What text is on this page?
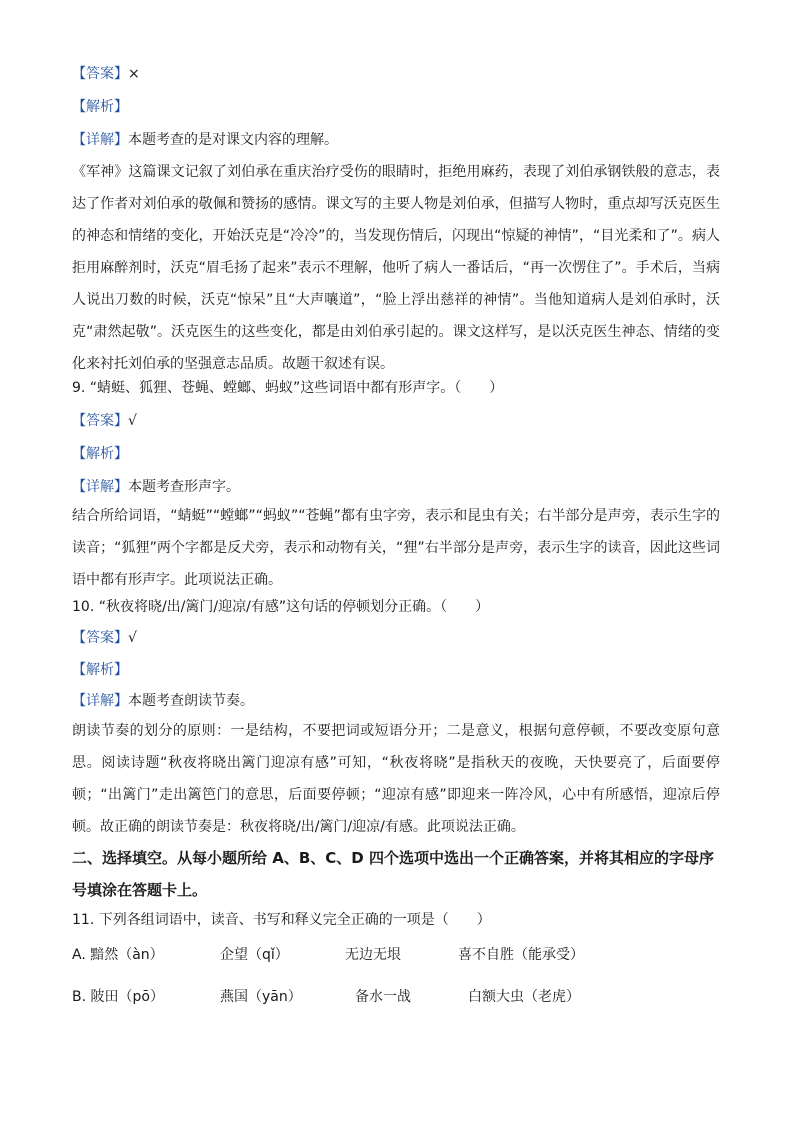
【答案】×
【解析】
【详解】本题考查的是对课文内容的理解。
《军神》这篇课文记叙了刘伯承在重庆治疗受伤的眼睛时，拒绝用麻药，表现了刘伯承钢铁般的意志，表达了作者对刘伯承的敬佩和赞扬的感情。课文写的主要人物是刘伯承，但描写人物时，重点却写沃克医生的神态和情绪的变化，开始沃克是“冷冷”的，当发现伤情后，闪现出“惊疑的神情”，“目光柔和了”。病人拒用麻醉剂时，沃克“眉毛扬了起来”表示不理解，他听了病人一番话后，“再一次愣住了”。手术后，当病人说出刀数的时候，沃克“惊呆”且“大声嚷道”，“脸上浮出慈祥的神情”。当他知道病人是刘伯承时，沃克“肃然起敬”。沃克医生的这些变化，都是由刘伯承引起的。课文这样写，是以沃克医生神态、情绪的变化来衬托刘伯承的坚强意志品质。故题干叙述有误。
9. “蜻蜓、狐狸、苍蝇、螳螂、蚂蚁”这些词语中都有形声字。（　　）
【答案】√
【解析】
【详解】本题考查形声字。
结合所给词语，“蜻蜓”“螳螂”“蚂蚁”“苍蝇”都有虫字旁，表示和昆虫有关；右半部分是声旁，表示生字的读音；“狐狸”两个字都是反犬旁，表示和动物有关，“狸”右半部分是声旁，表示生字的读音，因此这些词语中都有形声字。此项说法正确。
10. “秋夜将晓/出/篱门/迎凉/有感”这句话的停顿划分正确。（　　）
【答案】√
【解析】
【详解】本题考查朗读节奏。
朗读节奏的划分的原则：一是结构，不要把词或短语分开；二是意义，根据句意停顿，不要改变原句意思。阅读诗题“秋夜将晓出篱门迎凉有感”可知，“秋夜将晓”是指秋天的夜晚，天快要亮了，后面要停顿；“出篱门”走出篱笆门的意思，后面要停顿；“迎凉有感”即迎来一阵冷风，心中有所感悟，迎凉后停顿。故正确的朗读节奏是：秋夜将晓/出/篱门/迎凉/有感。此项说法正确。
二、选择填空。从每小题所给 A、B、C、D 四个选项中选出一个正确答案，并将其相应的字母序号填涂在答题卡上。
11. 下列各组词语中，读音、书写和释义完全正确的一项是（　　）
A. 黯然（àn）	企望（qǐ）	无边无垠	喜不自胜（能承受）
B. 陂田（pō）	燕国（yān）	备水一战	白额大虫（老虎）
